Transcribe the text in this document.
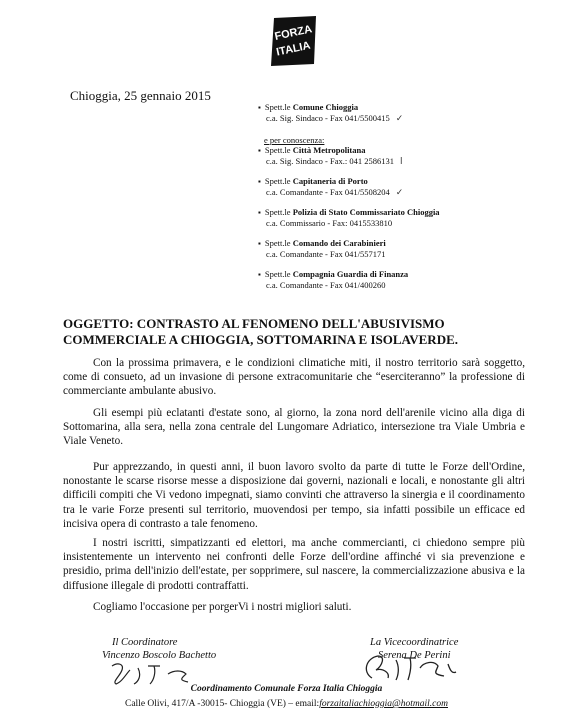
FORZA
ITALIA
Chioggia, 25 gennaio 2015
▪ Spett.le Comune Chioggia
c.a. Sig. Sindaco - Fax 041/5500415 ✓
e per conoscenza:
▪ Spett.le Città Metropolitana
c.a. Sig. Sindaco - Fax.: 041 2586131 ⅼ
▪ Spett.le Capitaneria di Porto
c.a. Comandante - Fax 041/5508204 ✓
▪ Spett.le Polizia di Stato Commissariato Chioggia
c.a. Commissario - Fax: 0415533810
▪ Spett.le Comando dei Carabinieri
c.a. Comandante - Fax 041/557171
▪ Spett.le Compagnia Guardia di Finanza
c.a. Comandante - Fax 041/400260
OGGETTO: CONTRASTO AL FENOMENO DELL'ABUSIVISMO COMMERCIALE A CHIOGGIA, SOTTOMARINA E ISOLAVERDE.
Con la prossima primavera, e le condizioni climatiche miti, il nostro territorio sarà soggetto, come di consueto, ad un invasione di persone extracomunitarie che “eserciteranno” la professione di commerciante ambulante abusivo.
Gli esempi più eclatanti d'estate sono, al giorno, la zona nord dell'arenile vicino alla diga di Sottomarina, alla sera, nella zona centrale del Lungomare Adriatico, intersezione tra Viale Umbria e Viale Veneto.
Pur apprezzando, in questi anni, il buon lavoro svolto da parte di tutte le Forze dell'Ordine, nonostante le scarse risorse messe a disposizione dai governi, nazionali e locali, e nonostante gli altri difficili compiti che Vi vedono impegnati, siamo convinti che attraverso la sinergia e il coordinamento tra le varie Forze presenti sul territorio, muovendosi per tempo, sia infatti possibile un efficace ed incisiva opera di contrasto a tale fenomeno.
I nostri iscritti, simpatizzanti ed elettori, ma anche commercianti, ci chiedono sempre più insistentemente un intervento nei confronti delle Forze dell'ordine affinché vi sia prevenzione e presidio, prima dell'inizio dell'estate, per sopprimere, sul nascere, la commercializzazione abusiva e la diffusione illegale di prodotti contraffatti.
Cogliamo l'occasione per porgerVi i nostri migliori saluti.
Il Coordinatore
Vincenzo Boscolo Bachetto
La Vicecoordinatrice
Serena De Perini
Coordinamento Comunale Forza Italia Chioggia
Calle Olivi, 417/A -30015- Chioggia (VE) – email:forzaitaliachioggia@hotmail.com
